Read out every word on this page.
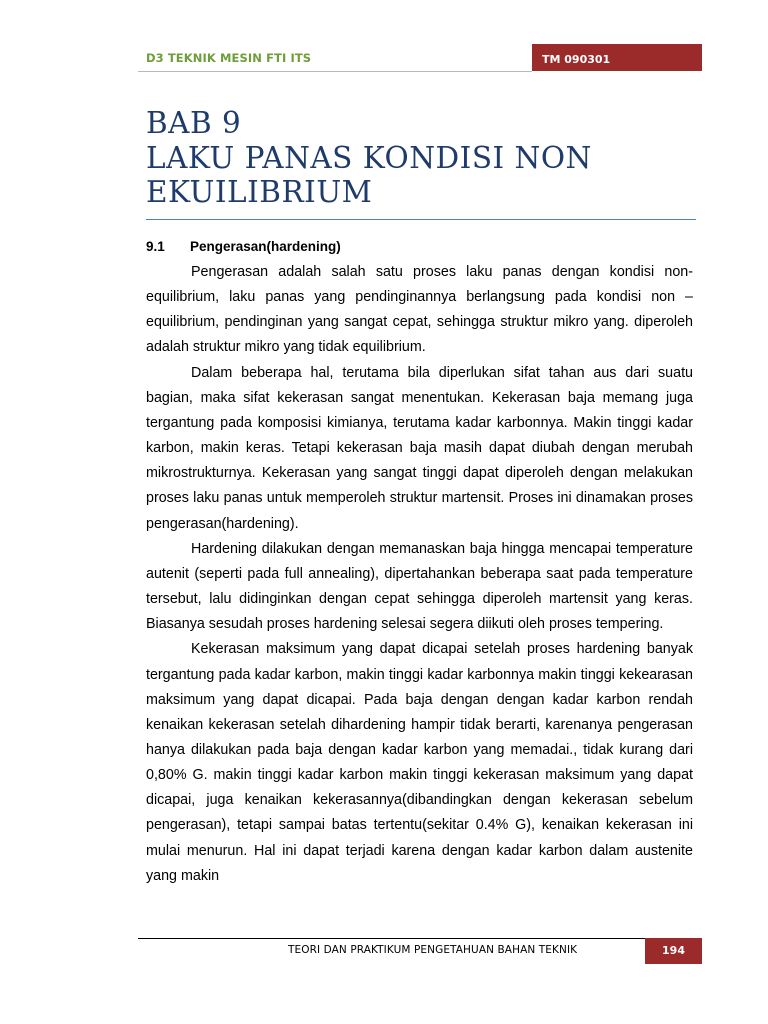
D3 TEKNIK MESIN FTI ITS	TM 090301
BAB 9
LAKU PANAS KONDISI NON
EKUILIBRIUM
9.1 Pengerasan(hardening)

Pengerasan adalah salah satu proses laku panas dengan kondisi non-equilibrium, laku panas yang pendinginannya berlangsung pada kondisi non – equilibrium, pendinginan yang sangat cepat, sehingga struktur mikro yang. diperoleh adalah struktur mikro yang tidak equilibrium.

Dalam beberapa hal, terutama bila diperlukan sifat tahan aus dari suatu bagian, maka sifat kekerasan sangat menentukan. Kekerasan baja memang juga tergantung pada komposisi kimianya, terutama kadar karbonnya. Makin tinggi kadar karbon, makin keras. Tetapi kekerasan baja masih dapat diubah dengan merubah mikrostrukturnya. Kekerasan yang sangat tinggi dapat diperoleh dengan melakukan proses laku panas untuk memperoleh struktur martensit. Proses ini dinamakan proses pengerasan(hardening).

Hardening dilakukan dengan memanaskan baja hingga mencapai temperature autenit (seperti pada full annealing), dipertahankan beberapa saat pada temperature tersebut, lalu didinginkan dengan cepat sehingga diperoleh martensit yang keras. Biasanya sesudah proses hardening selesai segera diikuti oleh proses tempering.

Kekerasan maksimum yang dapat dicapai setelah proses hardening banyak tergantung pada kadar karbon, makin tinggi kadar karbonnya makin tinggi kekearasan maksimum yang dapat dicapai. Pada baja dengan dengan kadar karbon rendah kenaikan kekerasan setelah dihardening hampir tidak berarti, karenanya pengerasan hanya dilakukan pada baja dengan kadar karbon yang memadai., tidak kurang dari 0,80% G. makin tinggi kadar karbon makin tinggi kekerasan maksimum yang dapat dicapai, juga kenaikan kekerasannya(dibandingkan dengan kekerasan sebelum pengerasan), tetapi sampai batas tertentu(sekitar 0.4% G), kenaikan kekerasan ini mulai menurun. Hal ini dapat terjadi karena dengan kadar karbon dalam austenite yang makin

TEORI DAN PRAKTIKUM PENGETAHUAN BAHAN TEKNIK	194
